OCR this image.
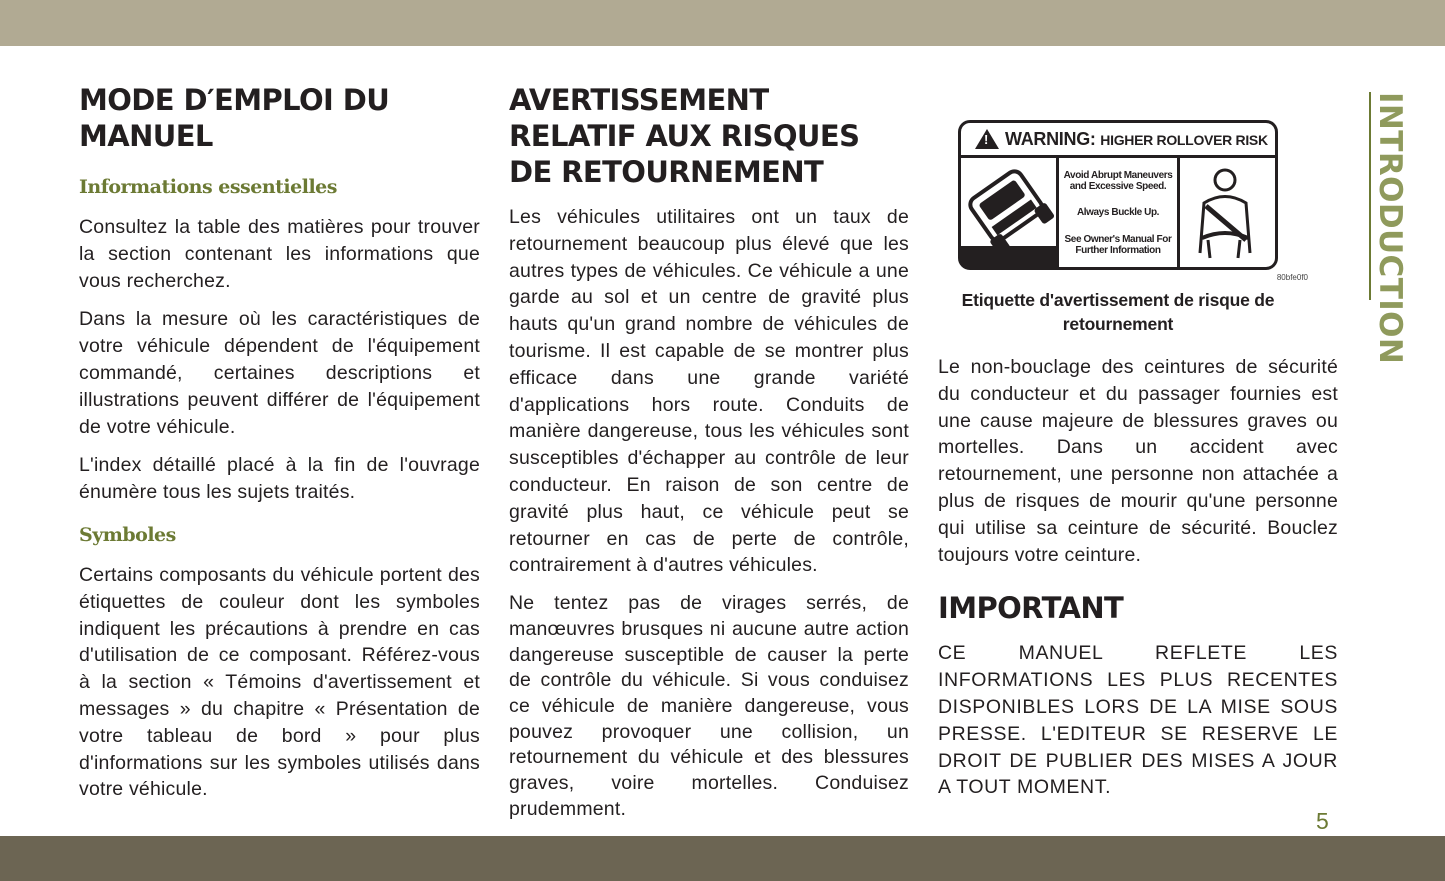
MODE D′EMPLOI DU MANUEL
Informations essentielles

Consultez la table des matières pour trouver la section contenant les informations que vous recherchez.

Dans la mesure où les caractéristiques de votre véhicule dépendent de l'équipement commandé, certaines descriptions et illustrations peuvent différer de l'équipement de votre véhicule.

L'index détaillé placé à la fin de l'ouvrage énumère tous les sujets traités.

Symboles

Certains composants du véhicule portent des étiquettes de couleur dont les symboles indiquent les précautions à prendre en cas d'utilisation de ce composant. Référez-vous à la section « Témoins d'avertissement et messages » du chapitre « Présentation de votre tableau de bord » pour plus d'informations sur les symboles utilisés dans votre véhicule.

AVERTISSEMENT RELATIF AUX RISQUES DE RETOURNEMENT

Les véhicules utilitaires ont un taux de retournement beaucoup plus élevé que les autres types de véhicules. Ce véhicule a une garde au sol et un centre de gravité plus hauts qu'un grand nombre de véhicules de tourisme. Il est capable de se montrer plus efficace dans une grande variété d'applications hors route. Conduits de manière dangereuse, tous les véhicules sont susceptibles d'échapper au contrôle de leur conducteur. En raison de son centre de gravité plus haut, ce véhicule peut se retourner en cas de perte de contrôle, contrairement à d'autres véhicules.

Ne tentez pas de virages serrés, de manœuvres brusques ni aucune autre action dangereuse susceptible de causer la perte de contrôle du véhicule. Si vous conduisez ce véhicule de manière dangereuse, vous pouvez provoquer une collision, un retournement du véhicule et des blessures graves, voire mortelles. Conduisez prudemment.

! WARNING: HIGHER ROLLOVER RISK
Avoid Abrupt Maneuvers and Excessive Speed.
Always Buckle Up.
See Owner's Manual For Further Information
80bfe0f0
Etiquette d'avertissement de risque de retournement

Le non-bouclage des ceintures de sécurité du conducteur et du passager fournies est une cause majeure de blessures graves ou mortelles. Dans un accident avec retournement, une personne non attachée a plus de risques de mourir qu'une personne qui utilise sa ceinture de sécurité. Bouclez toujours votre ceinture.

IMPORTANT

CE MANUEL REFLETE LES INFORMATIONS LES PLUS RECENTES DISPONIBLES LORS DE LA MISE SOUS PRESSE. L'EDITEUR SE RESERVE LE DROIT DE PUBLIER DES MISES A JOUR A TOUT MOMENT.

INTRODUCTION
5
